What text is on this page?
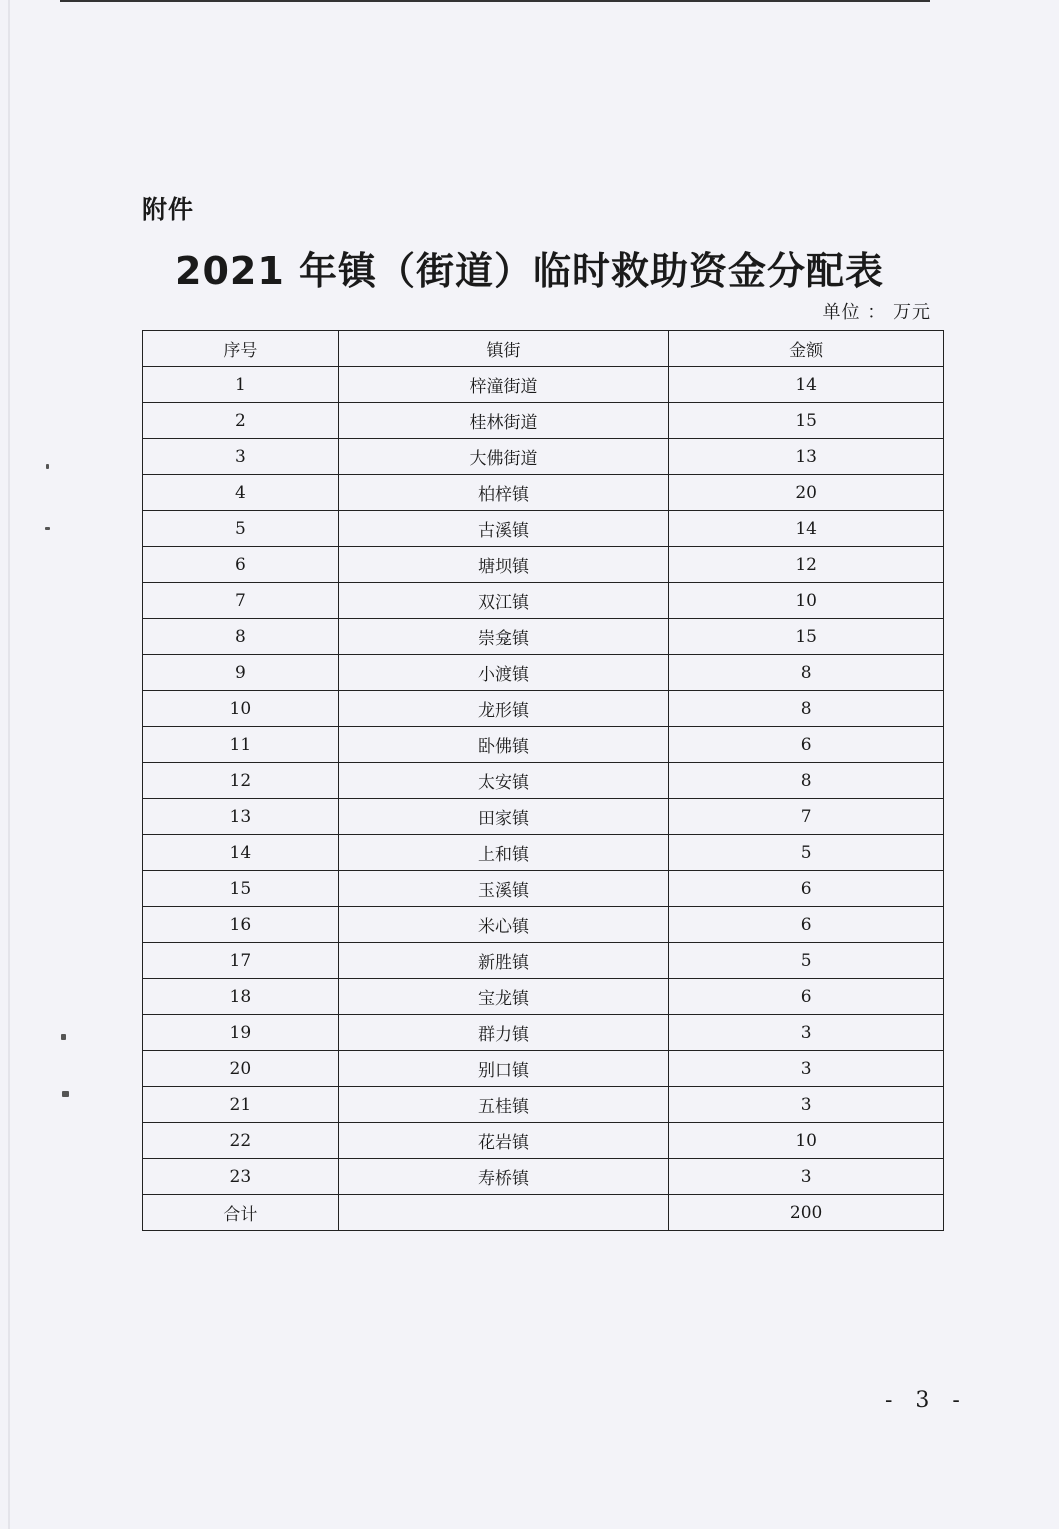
附件
2021 年镇（街道）临时救助资金分配表
单位 ： 万元
序号	镇街	金额
1	梓潼街道	14
2	桂林街道	15
3	大佛街道	13
4	柏梓镇	20
5	古溪镇	14
6	塘坝镇	12
7	双江镇	10
8	崇龛镇	15
9	小渡镇	8
10	龙形镇	8
11	卧佛镇	6
12	太安镇	8
13	田家镇	7
14	上和镇	5
15	玉溪镇	6
16	米心镇	6
17	新胜镇	5
18	宝龙镇	6
19	群力镇	3
20	别口镇	3
21	五桂镇	3
22	花岩镇	10
23	寿桥镇	3
合计		200
- 3 -
